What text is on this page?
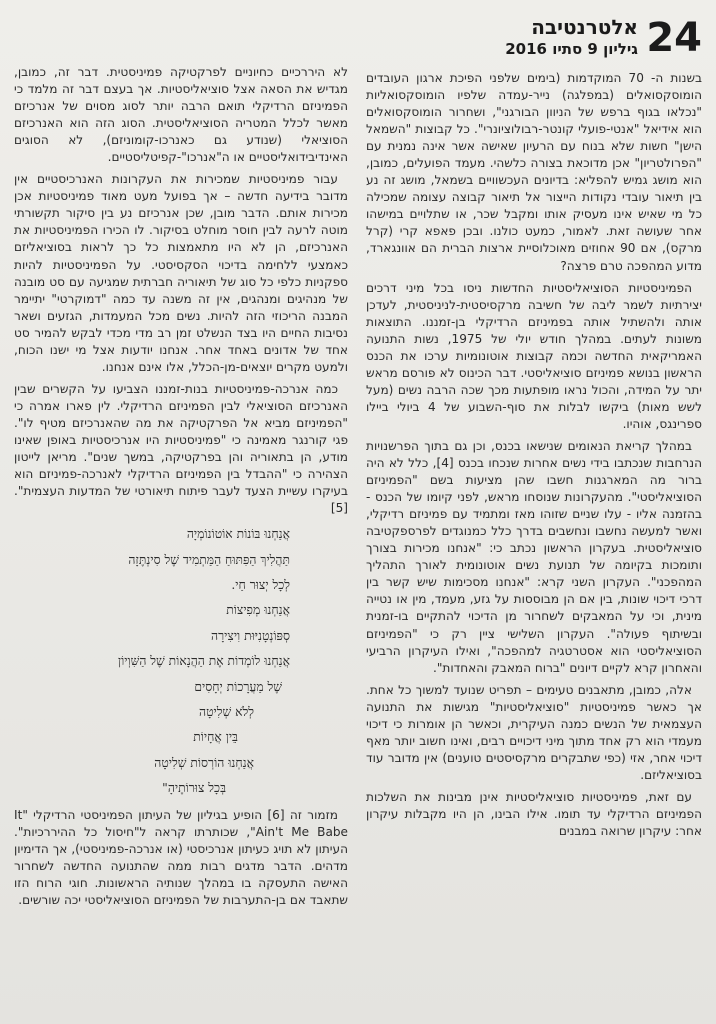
24
אלטרנטיבה
גיליון 9 סתיו 2016

בשנות ה- 70 המוקדמות (בימים שלפני הפיכת ארגון העובדים הומוסקסואלים (במפלגה) נייר-עמדה שלפיו הומוסקסואליות "נכלאו בגוף ברפש של הניוון הבורגני", ושחרור הומוסקסואלים הוא אידיאל "אנטי-פועלי קונטר-רבולוציונרי". כל קבוצות "השמאל הישן" חשות שלא בנוח עם הרעיון שאישה אשר אינה נמנית עם "הפרולטריון" אכן מדוכאת בצורה כלשהי. מעמד הפועלים, כמובן, הוא מושג גמיש להפליא: בדיונים העכשוויים בשמאל, מושג זה נע בין תיאור עובדי נקודות הייצור אל תיאור קבוצה עצומה שמכילה כל מי שאיש אינו מעסיק אותו ומקבל שכר, או שתלויים במישהו אחר שעושה זאת. לאמור, כמעט כולנו. ובכן פאפא קרי (קרל מרקס), אם 90 אחוזים מאוכלוסיית ארצות הברית הם אוונגארד, מדוע המהפכה טרם פרצה?

הפמיניסטיות הסוציאליסטיות החדשות ניסו בכל מיני דרכים יצירתיות לשמר ליבה של חשיבה מרקסיסטית-לניניסטית, לעדכן אותה ולהשתיל אותה בפמיניזם הרדיקלי בן-זמננו. התוצאות משונות לעתים. במהלך חודש יולי של 1975, נשות התנועה האמריקאית החדשה וכמה קבוצות אוטונומיות ערכו את הכנס הראשון בנושא פמיניזם סוציאליסטי. דבר הכינוס לא פורסם מראש יתר על המידה, והכול נראו מופתעות מכך שכה הרבה נשים (מעל לשש מאות) ביקשו לבלות את סוף-השבוע של 4 ביולי ביילו ספרינגס, אוהיו.

במהלך קריאת הנאומים שנישאו בכנס, וכן גם בתוך הפרשנויות הנרחבות שנכתבו בידי נשים אחרות שנכחו בכנס [4], כלל לא היה ברור מה המארגנות חשבו שהן מציעות בשם "הפמיניזם הסוציאליסטי". מהעקרונות שנוסחו מראש, לפני קיומו של הכנס - בהזמנה אליו - עלו שניים שזוהו מאז ומתמיד עם פמיניזם רדיקלי, ואשר למעשה נחשבו ונחשבים בדרך כלל כמנוגדים לפרספקטיבה סוציאליסטית. בעקרון הראשון נכתב כי: "אנחנו מכירות בצורך ותומכות בקיומה של תנועת נשים אוטונומית לאורך התהליך המהפכני". העקרון השני קרא: "אנחנו מסכימות שיש קשר בין דרכי דיכוי שונות, בין אם הן מבוססות על גזע, מעמד, מין או נטייה מינית, וכי על המאבקים לשחרור מן הדיכוי להתקיים בו-זמנית ובשיתוף פעולה". העקרון השלישי ציין רק כי "הפמיניזם הסוציאליסטי הוא אסטרטגיה למהפכה", ואילו העיקרון הרביעי והאחרון קרא לקיים דיונים "ברוח המאבק והאחדות".

אלה, כמובן, מתאבנים טעימים – תפריט שנועד למשוך כל אחת. אך כאשר פמיניסטיות "סוציאליסטיות" מגישות את התנועה העצמאית של הנשים כמנה העיקרית, וכאשר הן אומרות כי דיכוי מעמדי הוא רק אחד מתוך מיני דיכויים רבים, ואינו חשוב יותר מאף דיכוי אחר, אזי (כפי שתבקרים מרקסיסטים טוענים) אין מדובר עוד בסוציאליזם.

עם זאת, פמיניסטיות סוציאליסטיות אינן מבינות את השלכות הפמיניזם הרדיקלי עד תומו. אילו הבינו, הן היו מקבלות עיקרון אחר: עיקרון שרואה במבנים

לא היררכיים כחיוניים לפרקטיקה פמיניסטית. דבר זה, כמובן, מגדיש את הסאה אצל סוציאליסטיות. אך בעצם דבר זה מלמד כי הפמיניזם הרדיקלי תואם הרבה יותר לסוג מסוים של אנרכיזם מאשר לכלל המטריה הסוציאליסטית. הסוג הזה הוא האנרכיזם הסוציאלי (שנודע גם כאנרכו-קומוניזם), לא הסוגים האינדיבידואליסטיים או ה"אנרכו"-קפיטליסטיים.

עבור פמיניסטיות שמכירות את העקרונות האנרכיסטיים אין מדובר בידיעה חדשה – אך בפועל מעט מאוד פמיניסטיות אכן מכירות אותם. הדבר מובן, שכן אנרכיזם נע בין סיקור תקשורתי מוטה לרעה לבין חוסר מוחלט בסיקור. לו הכירו הפמיניסטיות את האנרכיזם, הן לא היו מתאמצות כל כך לראות בסוציאליזם כאמצעי ללחימה בדיכוי הסקסיסטי. על הפמיניסטיות להיות ספקניות כלפי כל סוג של תיאוריה חברתית שמגיעה עם סט מובנה של מנהיגים ומנהגים, אין זה משנה עד כמה "דמוקרטי" יתיימר המבנה הריכוזי הזה להיות. נשים מכל המעמדות, הגזעים ושאר נסיבות החיים היו בצד הנשלט זמן רב מדי מכדי לבקש להמיר סט אחד של אדונים באחד אחר. אנחנו יודעות אצל מי ישנו הכוח, ולמעט מקרים יוצאים-מן-הכלל, אלו אינם אנחנו.

כמה אנרכה-פמיניסטיות בנות-זמננו הצביעו על הקשרים שבין האנרכיזם הסוציאלי לבין הפמיניזם הרדיקלי. לין פארו אמרה כי "הפמיניזם מביא אל הפרקטיקה את מה שהאנרכיזם מטיף לו". פגי קורנגר מאמינה כי "פמיניסטיות היו אנרכיסטיות באופן שאינו מודע, הן בתאוריה והן בפרקטיקה, במשך שנים". מריאן לייטון הצהירה כי "ההבדל בין הפמיניזם הרדיקלי לאנרכה-פמיניזם הוא בעיקרו עשיית הצעד לעבר פיתוח תיאורטי של המדעות העצמית". [5]

אֲנַחְנוּ בּוֹנוֹת אוֹטוֹנוֹמְיָה
תַּהֲלִיךְ הַפִּתּוּחַ הַמַּתְמִיד שֶׁל סִינְתֶּזָה
לְכָל יְצוּר חַי.
אֲנַחְנוּ מְפִיצוֹת
סְפּוֹנְטָנִיּוּת וִיצִירָה
אֲנַחְנוּ לוֹמְדוֹת אֶת הַהֲנָאוֹת שֶׁל הַשִּׁוְיוֹן
שֶׁל מַעֲרָכוֹת יְחָסִים
לְלֹא שְׁלִיטָה
בֵּין אֲחָיוֹת
אֲנַחְנוּ הוֹרְסוֹת שְׁלִיטָה
בְּכָל צוּרוֹתֶיהָ"

מזמור זה [6] הופיע בגיליון של העיתון הפמיניסטי הרדיקלי "It Ain't Me Babe", שכותרתו קראה ל"חיסול כל ההיררכיות". העיתון לא תויג כעיתון אנרכיסטי (או אנרכה-פמיניסטי), אך הדימיון מדהים. הדבר מדגים רבות ממה שהתנועה החדשה לשחרור האישה התעסקה בו במהלך שנותיה הראשונות. חוגי הרוח הזו שתאבד אם בן-התערבות של הפמיניזם הסוציאליסטי יכה שורשים.
